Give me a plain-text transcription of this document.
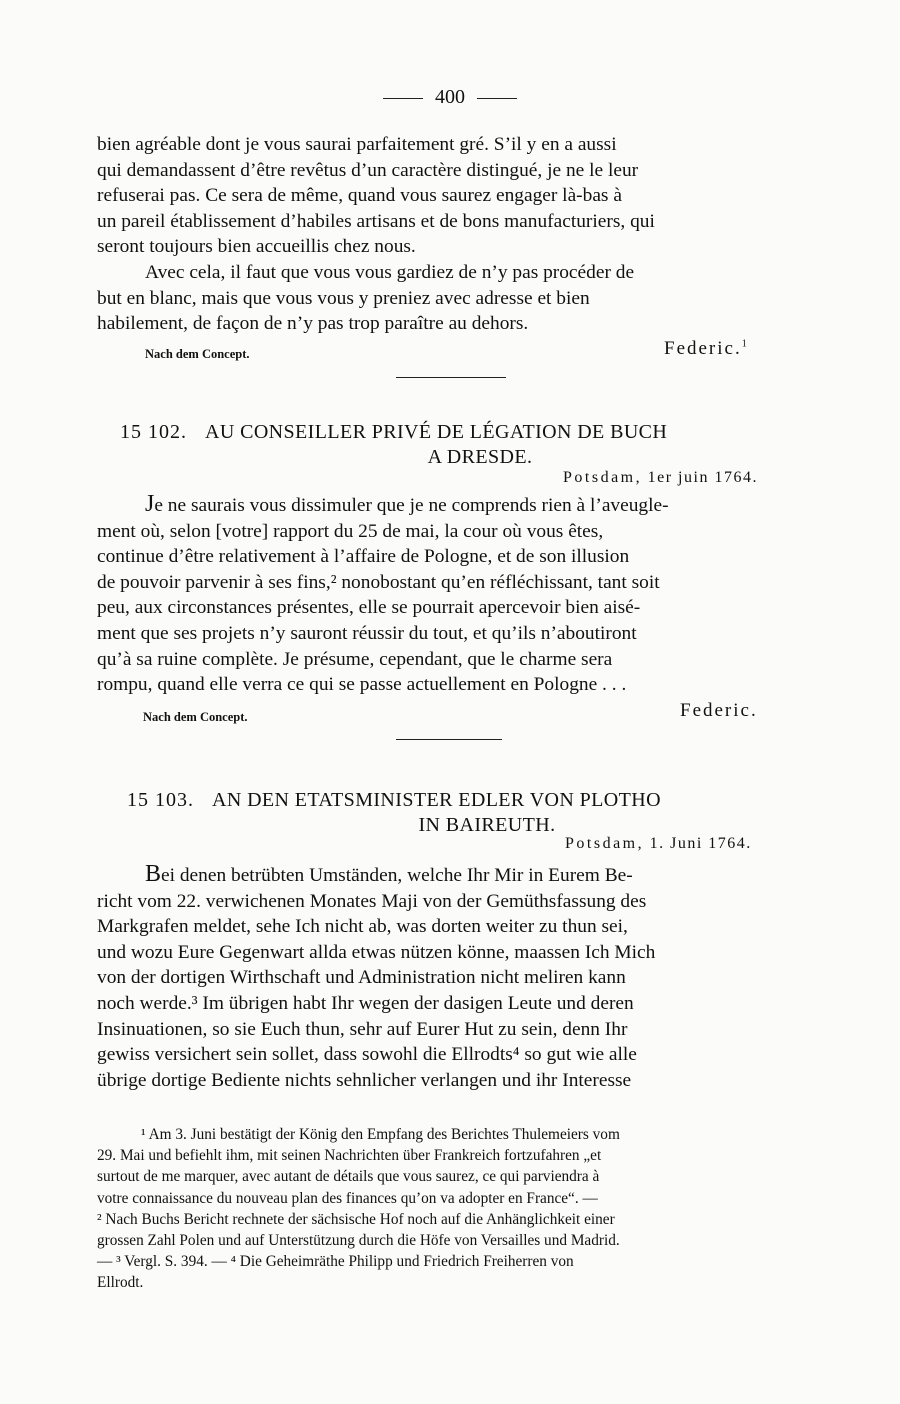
400
bien agréable dont je vous saurai parfaitement gré. S’il y en a aussi
qui demandassent d’être revêtus d’un caractère distingué, je ne le leur
refuserai pas. Ce sera de même, quand vous saurez engager là-bas à
un pareil établissement d’habiles artisans et de bons manufacturiers, qui
seront toujours bien accueillis chez nous.
Avec cela, il faut que vous vous gardiez de n’y pas procéder de
but en blanc, mais que vous vous y preniez avec adresse et bien
habilement, de façon de n’y pas trop paraître au dehors.
Nach dem Concept.	Federic.$^1$
15 102. AU CONSEILLER PRIVÉ DE LÉGATION DE BUCH
A DRESDE.
Potsdam, 1er juin 1764.
Je ne saurais vous dissimuler que je ne comprends rien à l’aveugle-
ment où, selon [votre] rapport du 25 de mai, la cour où vous êtes,
continue d’être relativement à l’affaire de Pologne, et de son illusion
de pouvoir parvenir à ses fins,² nonobostant qu’en réfléchissant, tant soit
peu, aux circonstances présentes, elle se pourrait apercevoir bien aisé-
ment que ses projets n’y sauront réussir du tout, et qu’ils n’aboutiront
qu’à sa ruine complète. Je présume, cependant, que le charme sera
rompu, quand elle verra ce qui se passe actuellement en Pologne . . .
Nach dem Concept.	Federic.
15 103. AN DEN ETATSMINISTER EDLER VON PLOTHO
IN BAIREUTH.
Potsdam, 1. Juni 1764.
Bei denen betrübten Umständen, welche Ihr Mir in Eurem Be-
richt vom 22. verwichenen Monates Maji von der Gemüthsfassung des
Markgrafen meldet, sehe Ich nicht ab, was dorten weiter zu thun sei,
und wozu Eure Gegenwart allda etwas nützen könne, maassen Ich Mich
von der dortigen Wirthschaft und Administration nicht meliren kann
noch werde.³ Im übrigen habt Ihr wegen der dasigen Leute und deren
Insinuationen, so sie Euch thun, sehr auf Eurer Hut zu sein, denn Ihr
gewiss versichert sein sollet, dass sowohl die Ellrodts⁴ so gut wie alle
übrige dortige Bediente nichts sehnlicher verlangen und ihr Interesse

¹ Am 3. Juni bestätigt der König den Empfang des Berichtes Thulemeiers vom

29. Mai und befiehlt ihm, mit seinen Nachrichten über Frankreich fortzufahren „et

surtout de me marquer, avec autant de détails que vous saurez, ce qui parviendra à

votre connaissance du nouveau plan des finances qu’on va adopter en France“. —

² Nach Buchs Bericht rechnete der sächsische Hof noch auf die Anhänglichkeit einer

grossen Zahl Polen und auf Unterstützung durch die Höfe von Versailles und Madrid.

— ³ Vergl. S. 394. — ⁴ Die Geheimräthe Philipp und Friedrich Freiherren von

Ellrodt.
